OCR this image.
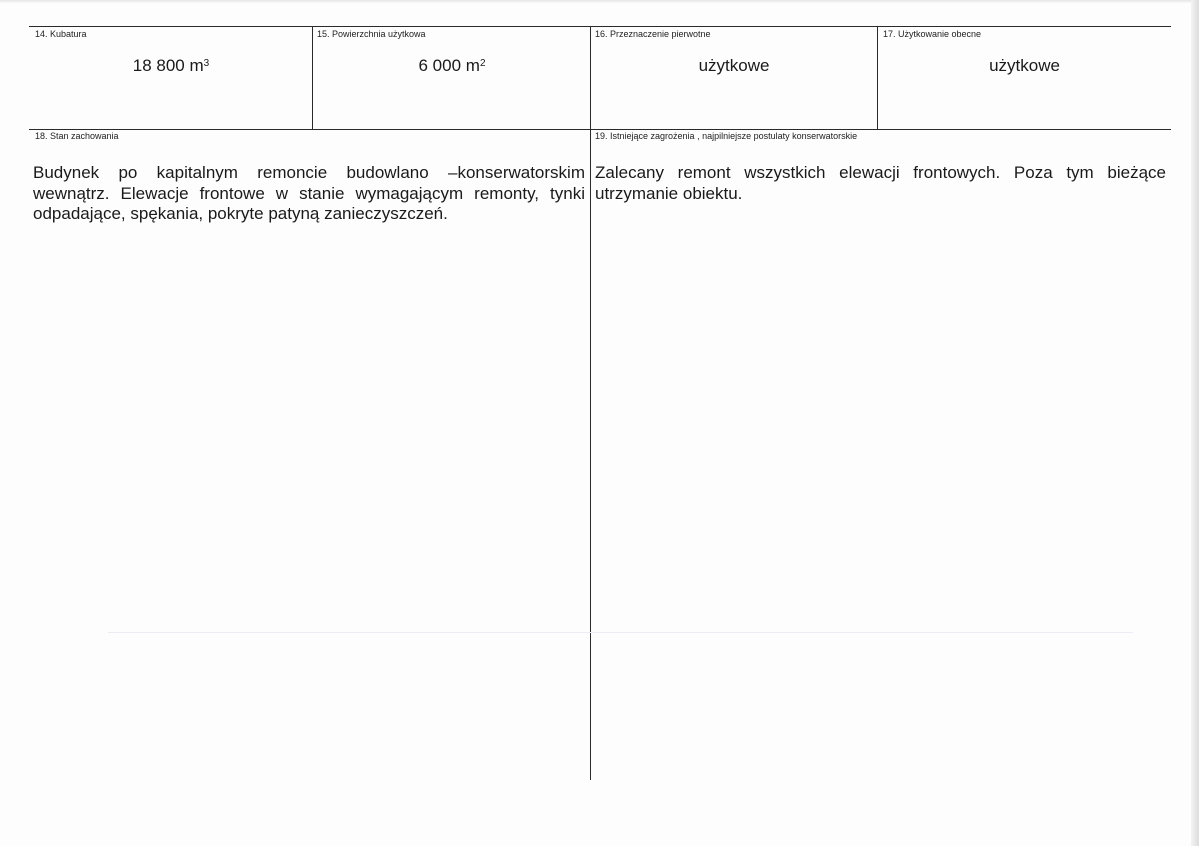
14. Kubatura
18 800 $m^3$
15. Powierzchnia użytkowa
6 000 $m^2$
16. Przeznaczenie pierwotne
użytkowe
17. Użytkowanie obecne
użytkowe
18. Stan zachowania
Budynek po kapitalnym remoncie budowlano –konserwatorskim wewnątrz. Elewacje frontowe w stanie wymagającym remonty, tynki odpadające, spękania, pokryte patyną zanieczyszczeń.
19. Istniejące zagrożenia , najpilniejsze postulaty konserwatorskie
Zalecany remont wszystkich elewacji frontowych. Poza tym bieżące utrzymanie obiektu.
